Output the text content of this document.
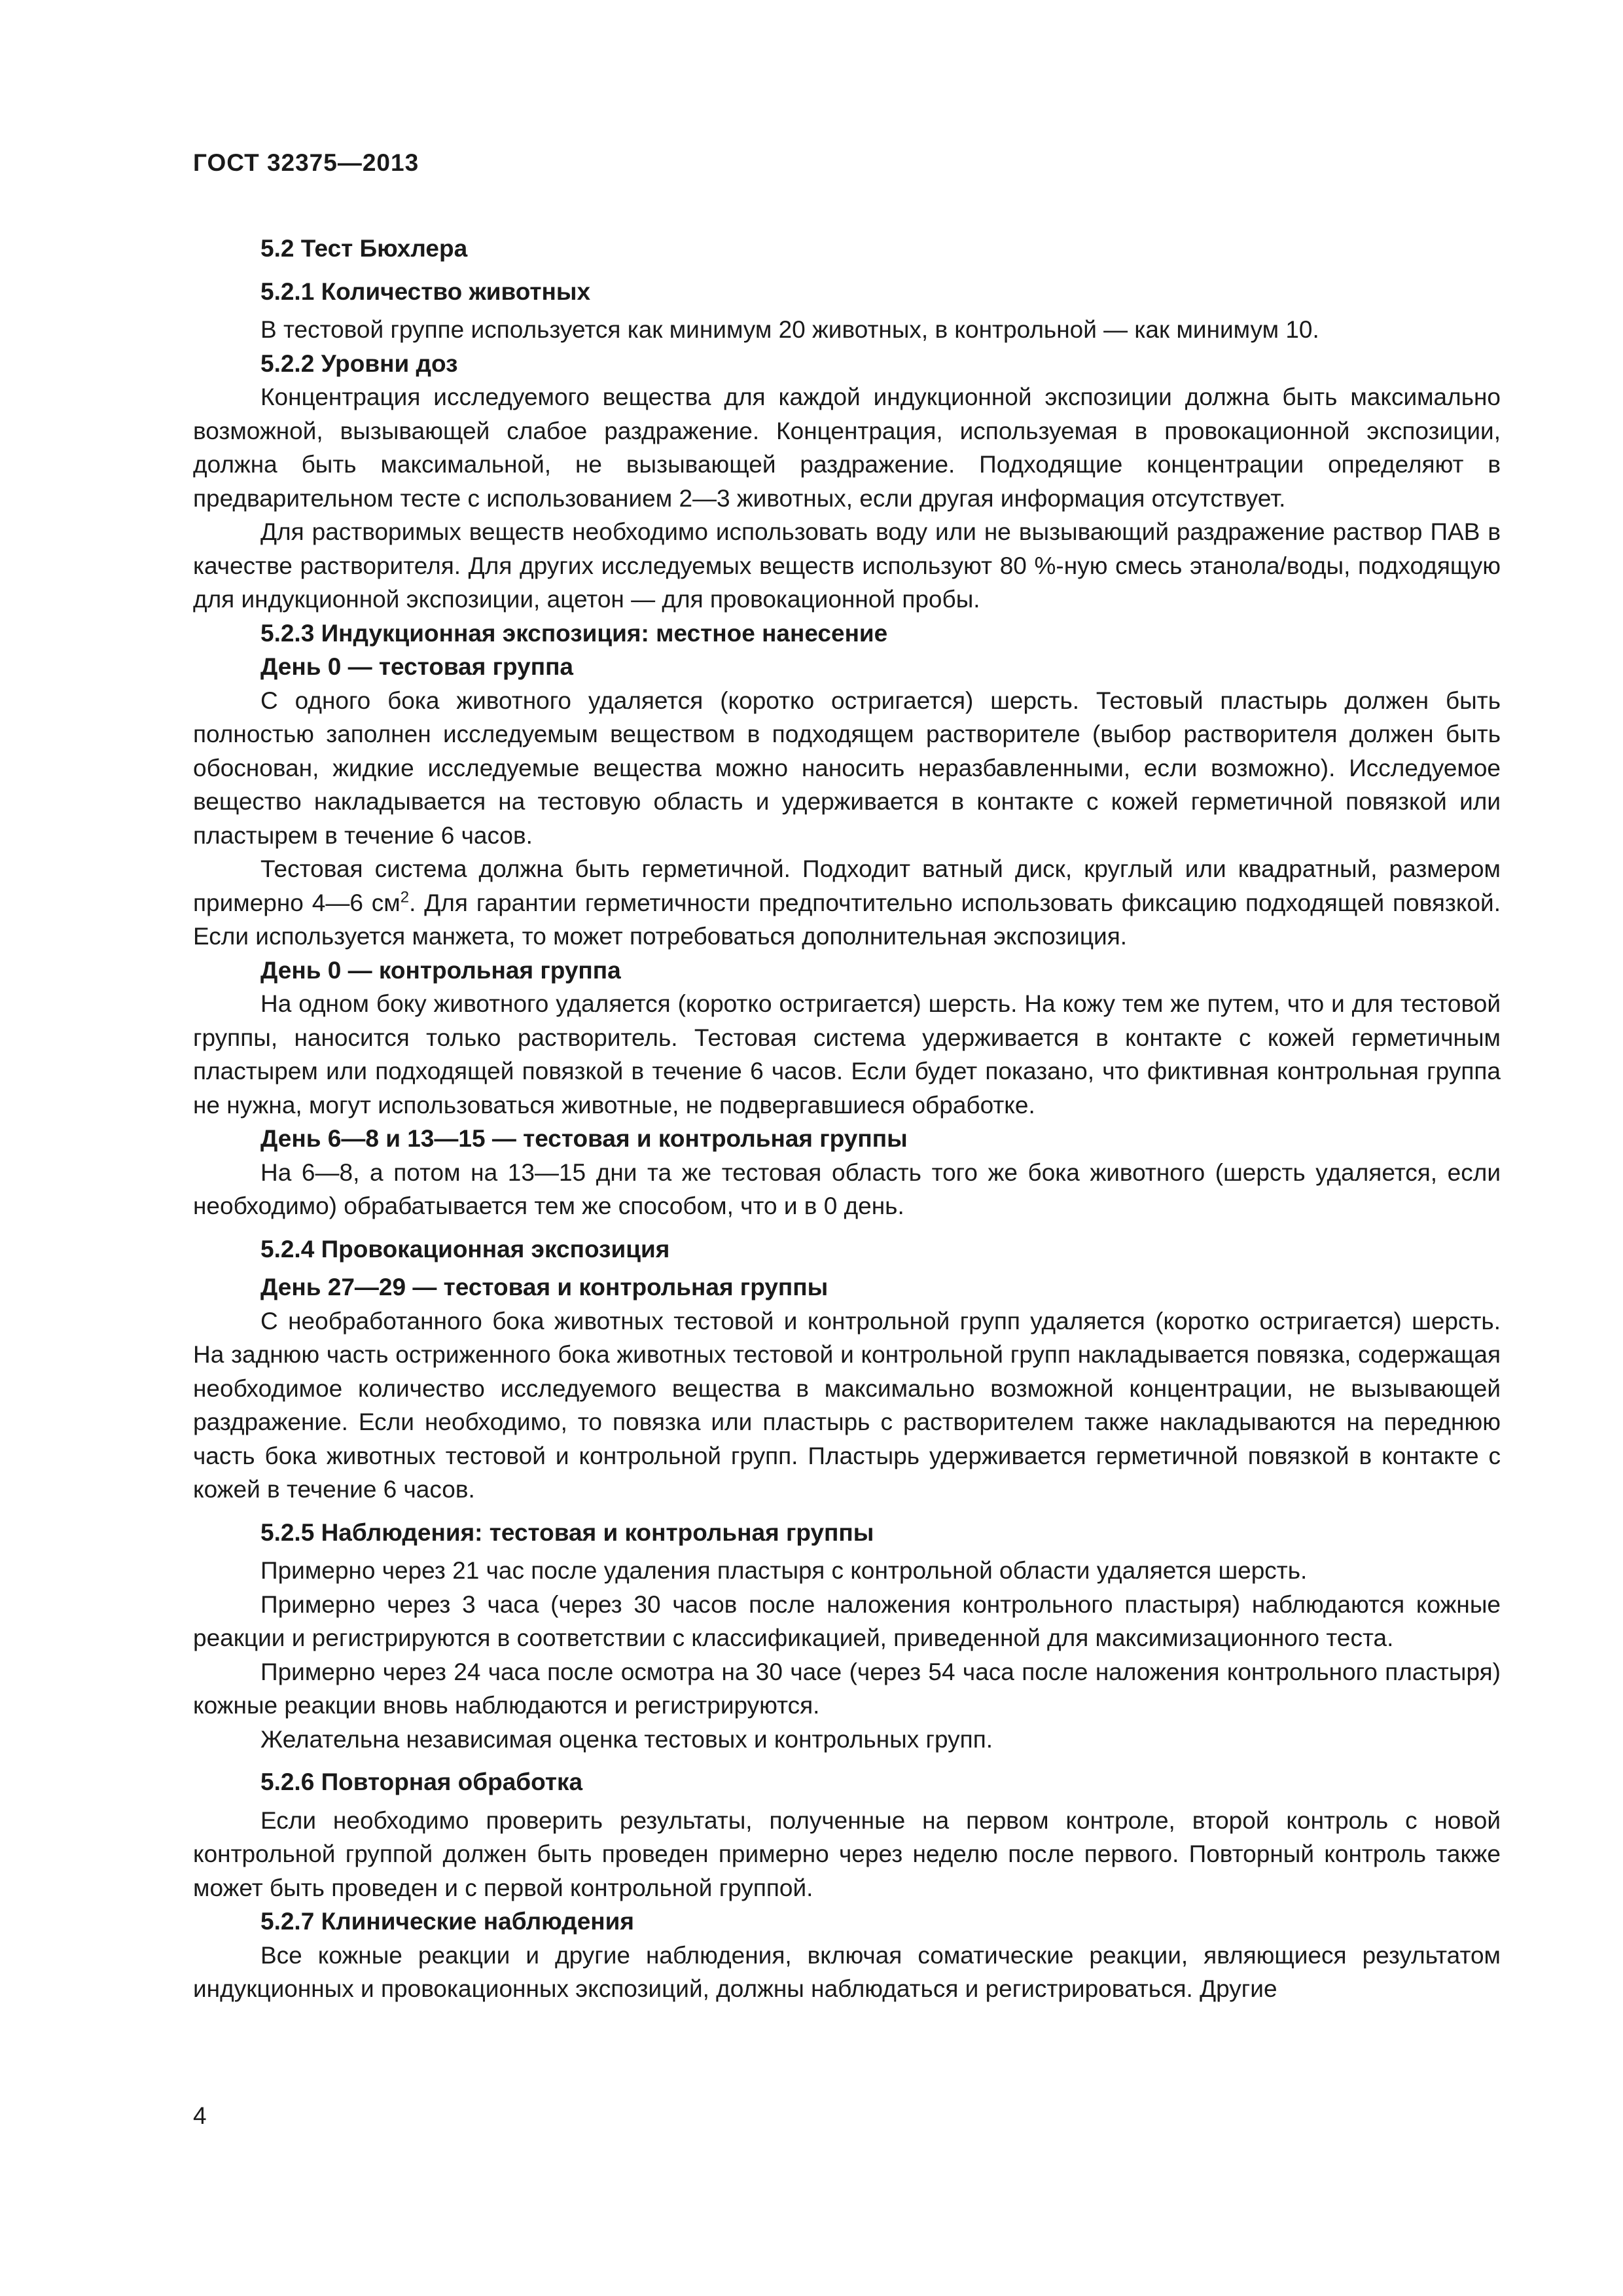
ГОСТ 32375—2013
5.2 Тест Бюхлера
5.2.1 Количество животных
В тестовой группе используется как минимум 20 животных, в контрольной — как минимум 10.
5.2.2 Уровни доз
Концентрация исследуемого вещества для каждой индукционной экспозиции должна быть максимально возможной, вызывающей слабое раздражение. Концентрация, используемая в провокационной экспозиции, должна быть максимальной, не вызывающей раздражение. Подходящие концентрации определяют в предварительном тесте с использованием 2—3 животных, если другая информация отсутствует.
Для растворимых веществ необходимо использовать воду или не вызывающий раздражение раствор ПАВ в качестве растворителя. Для других исследуемых веществ используют 80 %-ную смесь этанола/воды, подходящую для индукционной экспозиции, ацетон — для провокационной пробы.
5.2.3 Индукционная экспозиция: местное нанесение
День 0 — тестовая группа
С одного бока животного удаляется (коротко остригается) шерсть. Тестовый пластырь должен быть полностью заполнен исследуемым веществом в подходящем растворителе (выбор растворителя должен быть обоснован, жидкие исследуемые вещества можно наносить неразбавленными, если возможно). Исследуемое вещество накладывается на тестовую область и удерживается в контакте с кожей герметичной повязкой или пластырем в течение 6 часов.
Тестовая система должна быть герметичной. Подходит ватный диск, круглый или квадратный, размером примерно 4—6 $см^2$. Для гарантии герметичности предпочтительно использовать фиксацию подходящей повязкой. Если используется манжета, то может потребоваться дополнительная экспозиция.
День 0 — контрольная группа
На одном боку животного удаляется (коротко остригается) шерсть. На кожу тем же путем, что и для тестовой группы, наносится только растворитель. Тестовая система удерживается в контакте с кожей герметичным пластырем или подходящей повязкой в течение 6 часов. Если будет показано, что фиктивная контрольная группа не нужна, могут использоваться животные, не подвергавшиеся обработке.
День 6—8 и 13—15 — тестовая и контрольная группы
На 6—8, а потом на 13—15 дни та же тестовая область того же бока животного (шерсть удаляется, если необходимо) обрабатывается тем же способом, что и в 0 день.
5.2.4 Провокационная экспозиция
День 27—29 — тестовая и контрольная группы
С необработанного бока животных тестовой и контрольной групп удаляется (коротко остригается) шерсть. На заднюю часть остриженного бока животных тестовой и контрольной групп накладывается повязка, содержащая необходимое количество исследуемого вещества в максимально возможной концентрации, не вызывающей раздражение. Если необходимо, то повязка или пластырь с растворителем также накладываются на переднюю часть бока животных тестовой и контрольной групп. Пластырь удерживается герметичной повязкой в контакте с кожей в течение 6 часов.
5.2.5 Наблюдения: тестовая и контрольная группы
Примерно через 21 час после удаления пластыря с контрольной области удаляется шерсть.
Примерно через 3 часа (через 30 часов после наложения контрольного пластыря) наблюдаются кожные реакции и регистрируются в соответствии с классификацией, приведенной для максимизационного теста.
Примерно через 24 часа после осмотра на 30 часе (через 54 часа после наложения контрольного пластыря) кожные реакции вновь наблюдаются и регистрируются.
Желательна независимая оценка тестовых и контрольных групп.
5.2.6 Повторная обработка
Если необходимо проверить результаты, полученные на первом контроле, второй контроль с новой контрольной группой должен быть проведен примерно через неделю после первого. Повторный контроль также может быть проведен и с первой контрольной группой.
5.2.7 Клинические наблюдения
Все кожные реакции и другие наблюдения, включая соматические реакции, являющиеся результатом индукционных и провокационных экспозиций, должны наблюдаться и регистрироваться. Другие
4
